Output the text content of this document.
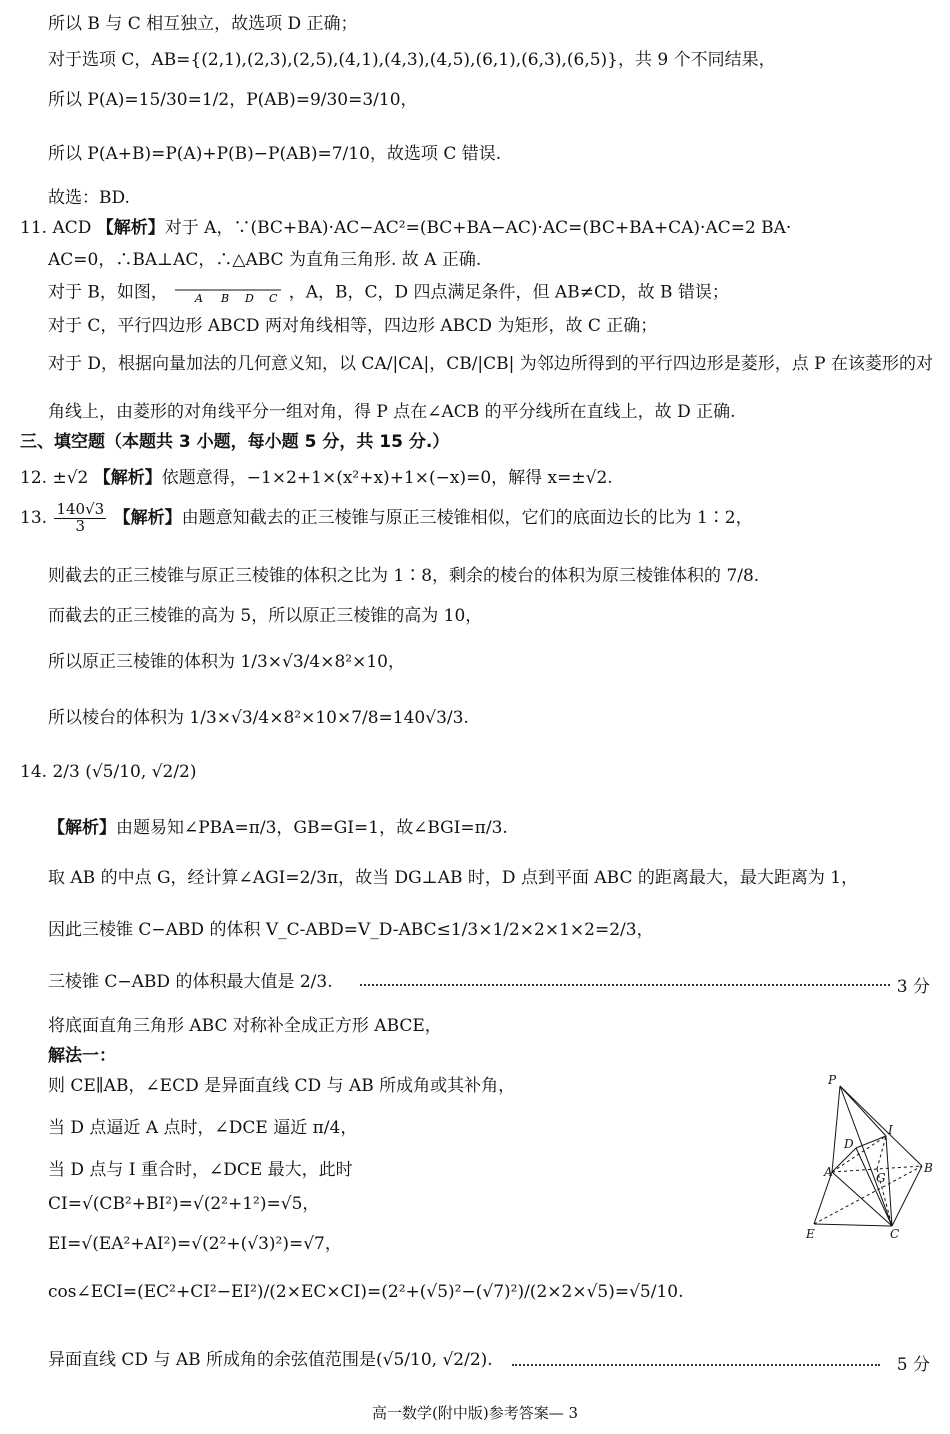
所以 B 与 C 相互独立，故选项 D 正确；
对于选项 C，AB={(2,1),(2,3),(2,5),(4,1),(4,3),(4,5),(6,1),(6,3),(6,5)}，共 9 个不同结果，
所以 P(A)=15/30=1/2，P(AB)=9/30=3/10，
所以 P(A+B)=P(A)+P(B)−P(AB)=7/10，故选项 C 错误.
故选：BD.
11. ACD 【解析】对于 A，∵(BC+BA)·AC−AC²=(BC+BA−AC)·AC=(BC+BA+CA)·AC=2 BA·
AC=0，∴BA⊥AC，∴△ABC 为直角三角形. 故 A 正确.
对于 B，如图， A B D C ，A，B，C，D 四点满足条件，但 AB≠CD，故 B 错误；
对于 C，平行四边形 ABCD 两对角线相等，四边形 ABCD 为矩形，故 C 正确；
对于 D，根据向量加法的几何意义知，以 CA/|CA|，CB/|CB| 为邻边所得到的平行四边形是菱形，点 P 在该菱形的对
角线上，由菱形的对角线平分一组对角，得 P 点在∠ACB 的平分线所在直线上，故 D 正确.
三、填空题（本题共 3 小题，每小题 5 分，共 15 分.）
12. ±√2 【解析】依题意得，−1×2+1×(x²+x)+1×(−x)=0，解得 x=±√2.
13. $\frac{140√3}{3}$ 【解析】由题意知截去的正三棱锥与原正三棱锥相似，它们的底面边长的比为 1∶2，
则截去的正三棱锥与原正三棱锥的体积之比为 1∶8，剩余的棱台的体积为原三棱锥体积的 7/8.
而截去的正三棱锥的高为 5，所以原正三棱锥的高为 10，
所以原正三棱锥的体积为 1/3×√3/4×8²×10，
所以棱台的体积为 1/3×√3/4×8²×10×7/8=140√3/3.
14. 2/3 (√5/10, √2/2)
【解析】由题易知∠PBA=π/3，GB=GI=1，故∠BGI=π/3.
取 AB 的中点 G，经计算∠AGI=2/3π，故当 DG⊥AB 时，D 点到平面 ABC 的距离最大，最大距离为 1，
因此三棱锥 C−ABD 的体积 V_C-ABD=V_D-ABC≤1/3×1/2×2×1×2=2/3，
三棱锥 C−ABD 的体积最大值是 2/3.	3 分
将底面直角三角形 ABC 对称补全成正方形 ABCE，
解法一：
则 CE∥AB，∠ECD 是异面直线 CD 与 AB 所成角或其补角，
当 D 点逼近 A 点时，∠DCE 逼近 π/4，
当 D 点与 I 重合时，∠DCE 最大，此时
CI=√(CB²+BI²)=√(2²+1²)=√5，
EI=√(EA²+AI²)=√(2²+(√3)²)=√7，
cos∠ECI=(EC²+CI²−EI²)/(2×EC×CI)=(2²+(√5)²−(√7)²)/(2×2×√5)=√5/10.
异面直线 CD 与 AB 所成角的余弦值范围是(√5/10, √2/2).	5 分
P
I
D
G
A	B
E	C
高一数学(附中版)参考答案— 3
